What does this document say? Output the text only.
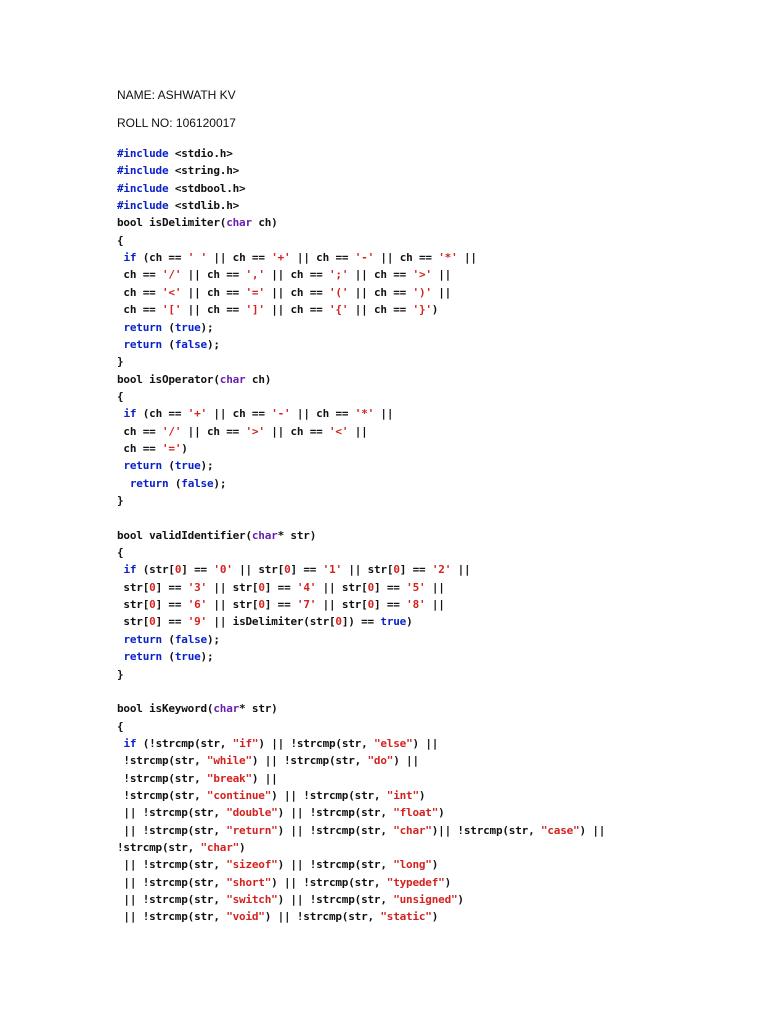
NAME: ASHWATH KV
ROLL NO: 106120017
#include <stdio.h>
#include <string.h>
#include <stdbool.h>
#include <stdlib.h>
bool isDelimiter(char ch)
{
if (ch == ' ' || ch == '+' || ch == '-' || ch == '*' ||
ch == '/' || ch == ',' || ch == ';' || ch == '>' ||
ch == '<' || ch == '=' || ch == '(' || ch == ')' ||
ch == '[' || ch == ']' || ch == '{' || ch == '}')
return (true);
return (false);
}
bool isOperator(char ch)
{
if (ch == '+' || ch == '-' || ch == '*' ||
ch == '/' || ch == '>' || ch == '<' ||
ch == '=')
return (true);
return (false);
}
bool validIdentifier(char* str)
{
if (str[0] == '0' || str[0] == '1' || str[0] == '2' ||
str[0] == '3' || str[0] == '4' || str[0] == '5' ||
str[0] == '6' || str[0] == '7' || str[0] == '8' ||
str[0] == '9' || isDelimiter(str[0]) == true)
return (false);
return (true);
}
bool isKeyword(char* str)
{
if (!strcmp(str, "if") || !strcmp(str, "else") ||
!strcmp(str, "while") || !strcmp(str, "do") ||
!strcmp(str, "break") ||
!strcmp(str, "continue") || !strcmp(str, "int")
|| !strcmp(str, "double") || !strcmp(str, "float")
|| !strcmp(str, "return") || !strcmp(str, "char")|| !strcmp(str, "case") ||
!strcmp(str, "char")
|| !strcmp(str, "sizeof") || !strcmp(str, "long")
|| !strcmp(str, "short") || !strcmp(str, "typedef")
|| !strcmp(str, "switch") || !strcmp(str, "unsigned")
|| !strcmp(str, "void") || !strcmp(str, "static")
